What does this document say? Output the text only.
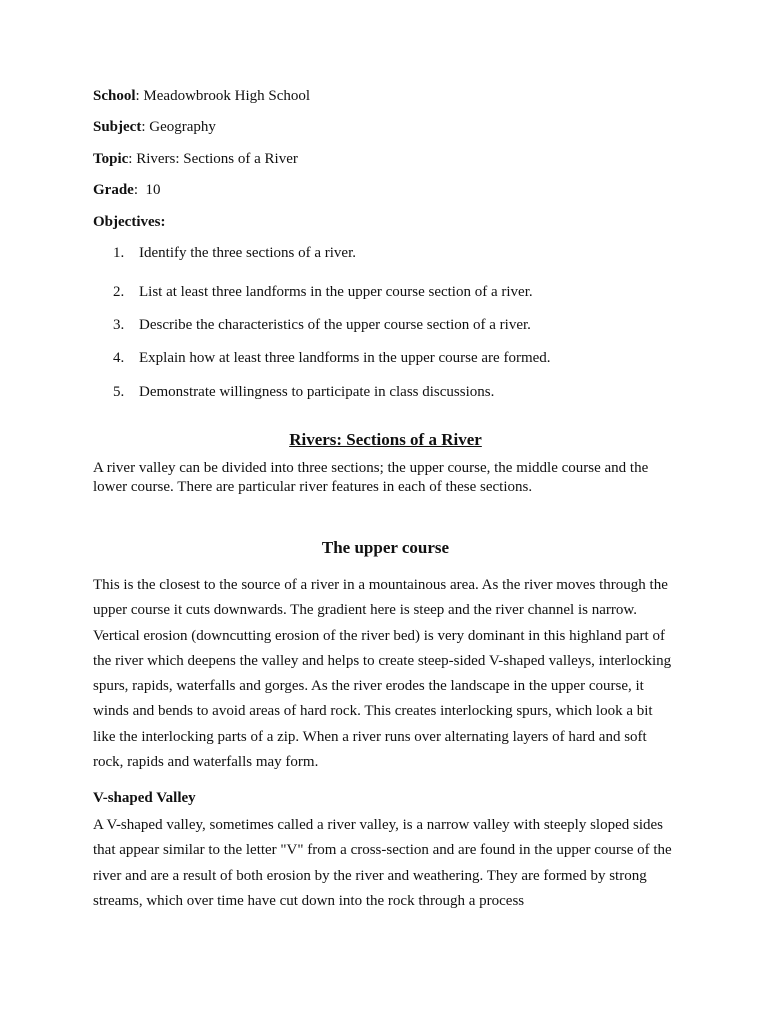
School: Meadowbrook High School
Subject: Geography
Topic: Rivers: Sections of a River
Grade:  10
Objectives:
1. Identify the three sections of a river.
2. List at least three landforms in the upper course section of a river.
3. Describe the characteristics of the upper course section of a river.
4. Explain how at least three landforms in the upper course are formed.
5. Demonstrate willingness to participate in class discussions.
Rivers: Sections of a River
A river valley can be divided into three sections; the upper course, the middle course and the lower course. There are particular river features in each of these sections.
The upper course
This is the closest to the source of a river in a mountainous area. As the river moves through the upper course it cuts downwards. The gradient here is steep and the river channel is narrow. Vertical erosion (downcutting erosion of the river bed) is very dominant in this highland part of the river which deepens the valley and helps to create steep-sided V-shaped valleys, interlocking spurs, rapids, waterfalls and gorges. As the river erodes the landscape in the upper course, it winds and bends to avoid areas of hard rock. This creates interlocking spurs, which look a bit like the interlocking parts of a zip. When a river runs over alternating layers of hard and soft rock, rapids and waterfalls may form.
V-shaped Valley
A V-shaped valley, sometimes called a river valley, is a narrow valley with steeply sloped sides that appear similar to the letter "V" from a cross-section and are found in the upper course of the river and are a result of both erosion by the river and weathering. They are formed by strong streams, which over time have cut down into the rock through a process
